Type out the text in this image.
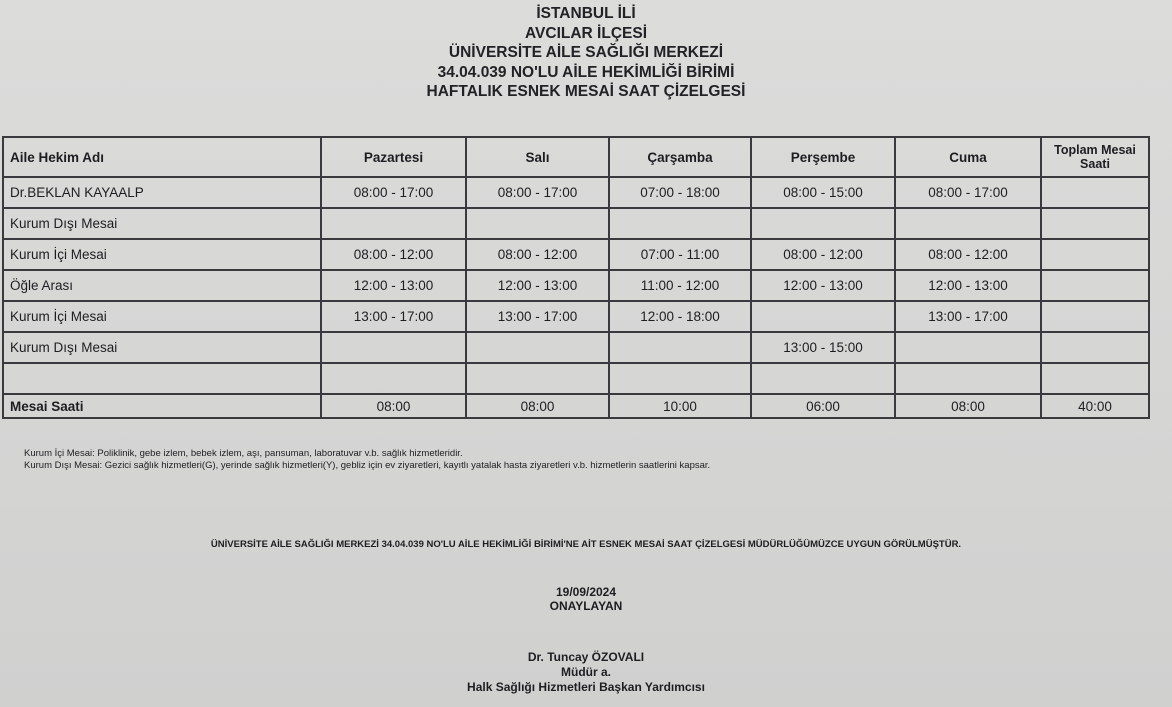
İSTANBUL İLİ
AVCILAR İLÇESİ
ÜNİVERSİTE AİLE SAĞLIĞI MERKEZİ
34.04.039 NO'LU AİLE HEKİMLİĞİ BİRİMİ
HAFTALIK ESNEK MESAİ SAAT ÇİZELGESİ
Aile Hekim Adı	Pazartesi	Salı	Çarşamba	Perşembe	Cuma	Toplam Mesai Saati
Dr.BEKLAN KAYAALP	08:00 - 17:00	08:00 - 17:00	07:00 - 18:00	08:00 - 15:00	08:00 - 17:00	
Kurum Dışı Mesai						
Kurum İçi Mesai	08:00 - 12:00	08:00 - 12:00	07:00 - 11:00	08:00 - 12:00	08:00 - 12:00	
Öğle Arası	12:00 - 13:00	12:00 - 13:00	11:00 - 12:00	12:00 - 13:00	12:00 - 13:00	
Kurum İçi Mesai	13:00 - 17:00	13:00 - 17:00	12:00 - 18:00		13:00 - 17:00	
Kurum Dışı Mesai				13:00 - 15:00		

Mesai Saati	08:00	08:00	10:00	06:00	08:00	40:00
Kurum İçi Mesai: Poliklinik, gebe izlem, bebek izlem, aşı, pansuman, laboratuvar v.b. sağlık hizmetleridir.
Kurum Dışı Mesai: Gezici sağlık hizmetleri(G), yerinde sağlık hizmetleri(Y), gebliz için ev ziyaretleri, kayıtlı yatalak hasta ziyaretleri v.b. hizmetlerin saatlerini kapsar.
ÜNİVERSİTE AİLE SAĞLIĞI MERKEZİ 34.04.039 NO'LU AİLE HEKİMLİĞİ BİRİMİ'NE AİT ESNEK MESAİ SAAT ÇİZELGESİ MÜDÜRLÜĞÜMÜZCE UYGUN GÖRÜLMÜŞTÜR.
19/09/2024
ONAYLAYAN
Dr. Tuncay ÖZOVALI
Müdür a.
Halk Sağlığı Hizmetleri Başkan Yardımcısı
